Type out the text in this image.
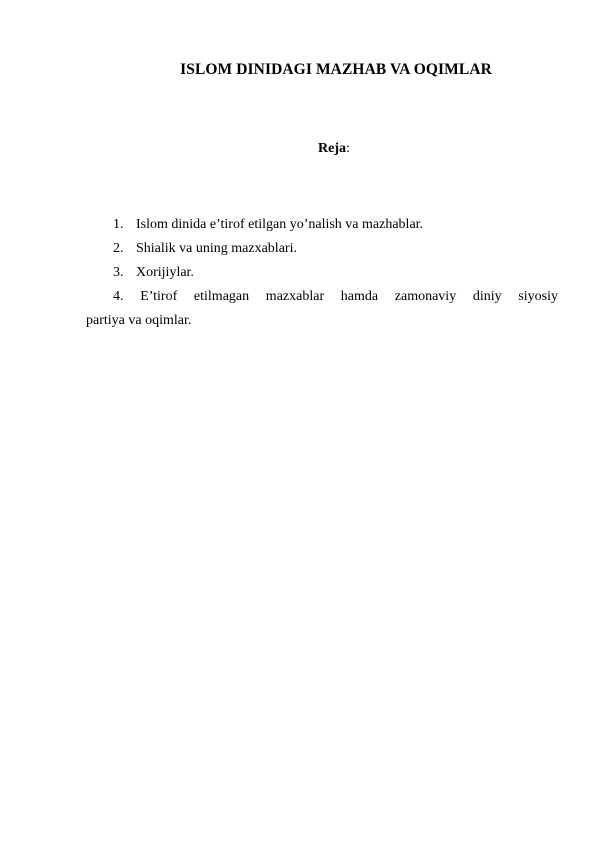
ISLOM DINIDAGI MAZHAB VA OQIMLAR
Reja:
1. Islom dinida e’tirof etilgan yo’nalish va mazhablar.
2. Shialik va uning mazxablari.
3. Xorijiylar.
4. E’tirof etilmagan mazxablar hamda zamonaviy diniy siyosiy
partiya va oqimlar.
